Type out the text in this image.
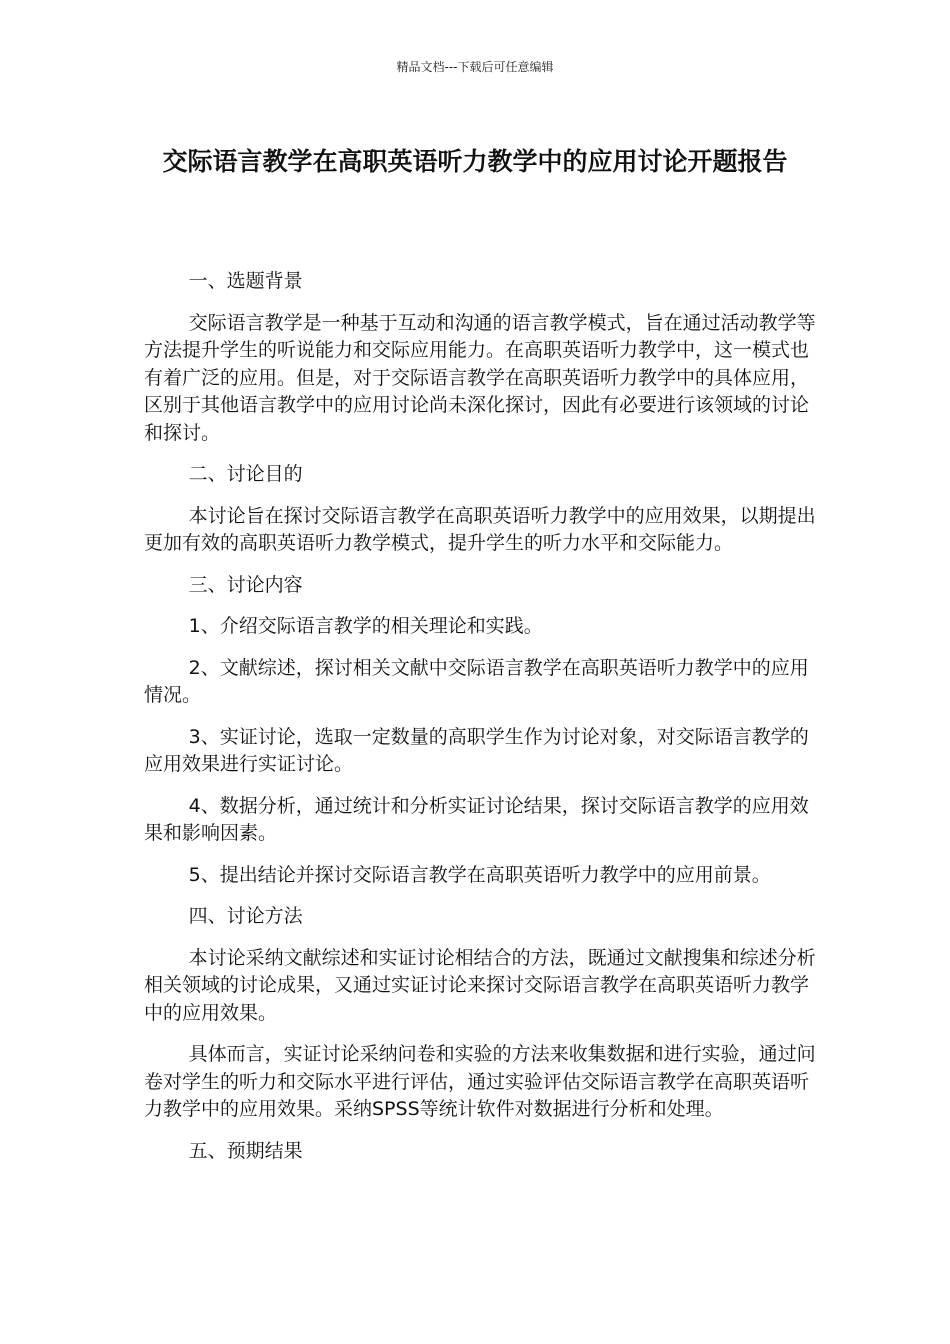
精品文档---下载后可任意编辑
交际语言教学在高职英语听力教学中的应用讨论开题报告

一、选题背景

交际语言教学是一种基于互动和沟通的语言教学模式，旨在通过活动教学等方法提升学生的听说能力和交际应用能力。在高职英语听力教学中，这一模式也有着广泛的应用。但是，对于交际语言教学在高职英语听力教学中的具体应用，区别于其他语言教学中的应用讨论尚未深化探讨，因此有必要进行该领域的讨论和探讨。

二、讨论目的

本讨论旨在探讨交际语言教学在高职英语听力教学中的应用效果，以期提出更加有效的高职英语听力教学模式，提升学生的听力水平和交际能力。

三、讨论内容

1、介绍交际语言教学的相关理论和实践。

2、文献综述，探讨相关文献中交际语言教学在高职英语听力教学中的应用情况。

3、实证讨论，选取一定数量的高职学生作为讨论对象，对交际语言教学的应用效果进行实证讨论。

4、数据分析，通过统计和分析实证讨论结果，探讨交际语言教学的应用效果和影响因素。

5、提出结论并探讨交际语言教学在高职英语听力教学中的应用前景。

四、讨论方法

本讨论采纳文献综述和实证讨论相结合的方法，既通过文献搜集和综述分析相关领域的讨论成果，又通过实证讨论来探讨交际语言教学在高职英语听力教学中的应用效果。

具体而言，实证讨论采纳问卷和实验的方法来收集数据和进行实验，通过问卷对学生的听力和交际水平进行评估，通过实验评估交际语言教学在高职英语听力教学中的应用效果。采纳SPSS等统计软件对数据进行分析和处理。

五、预期结果
